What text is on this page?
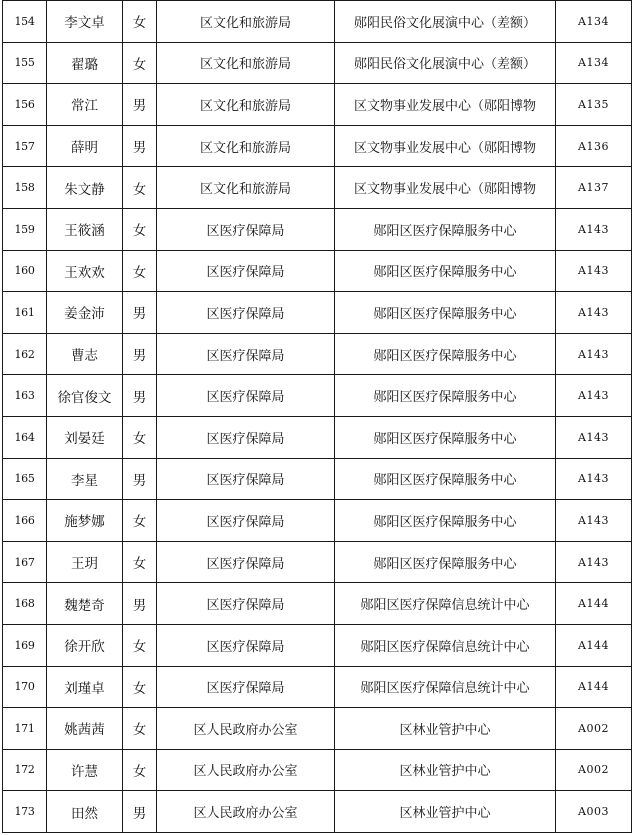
154	李文卓	女	区文化和旅游局	郧阳民俗文化展演中心（差额）	A134
155	翟璐	女	区文化和旅游局	郧阳民俗文化展演中心（差额）	A134
156	常江	男	区文化和旅游局	区文物事业发展中心（郧阳博物	A135
157	薛明	男	区文化和旅游局	区文物事业发展中心（郧阳博物	A136
158	朱文静	女	区文化和旅游局	区文物事业发展中心（郧阳博物	A137
159	王筱涵	女	区医疗保障局	郧阳区医疗保障服务中心	A143
160	王欢欢	女	区医疗保障局	郧阳区医疗保障服务中心	A143
161	姜金沛	男	区医疗保障局	郧阳区医疗保障服务中心	A143
162	曹志	男	区医疗保障局	郧阳区医疗保障服务中心	A143
163	徐官俊文	男	区医疗保障局	郧阳区医疗保障服务中心	A143
164	刘晏廷	女	区医疗保障局	郧阳区医疗保障服务中心	A143
165	李星	男	区医疗保障局	郧阳区医疗保障服务中心	A143
166	施梦娜	女	区医疗保障局	郧阳区医疗保障服务中心	A143
167	王玥	女	区医疗保障局	郧阳区医疗保障服务中心	A143
168	魏楚奇	男	区医疗保障局	郧阳区医疗保障信息统计中心	A144
169	徐开欣	女	区医疗保障局	郧阳区医疗保障信息统计中心	A144
170	刘瑾卓	女	区医疗保障局	郧阳区医疗保障信息统计中心	A144
171	姚茜茜	女	区人民政府办公室	区林业管护中心	A002
172	许慧	女	区人民政府办公室	区林业管护中心	A002
173	田然	男	区人民政府办公室	区林业管护中心	A003
